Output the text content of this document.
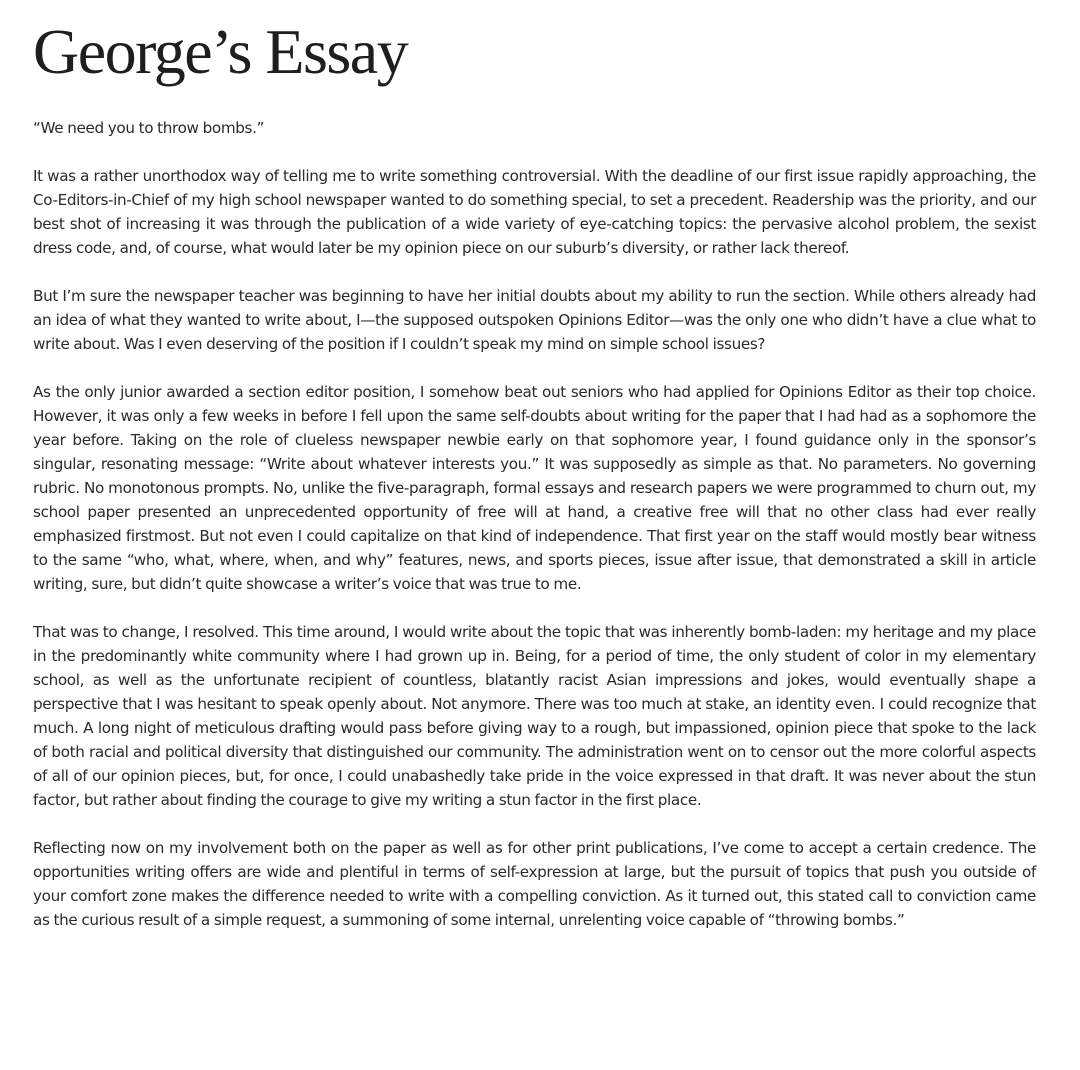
George’s Essay

“We need you to throw bombs.”

It was a rather unorthodox way of telling me to write something controversial. With the deadline of our first issue rapidly approaching, the Co-Editors-in-Chief of my high school newspaper wanted to do something special, to set a precedent. Readership was the priority, and our best shot of increasing it was through the publication of a wide variety of eye-catching topics: the pervasive alcohol problem, the sexist dress code, and, of course, what would later be my opinion piece on our suburb’s diversity, or rather lack thereof.

But I’m sure the newspaper teacher was beginning to have her initial doubts about my ability to run the section. While others already had an idea of what they wanted to write about, I—the supposed outspoken Opinions Editor—was the only one who didn’t have a clue what to write about. Was I even deserving of the position if I couldn’t speak my mind on simple school issues?

As the only junior awarded a section editor position, I somehow beat out seniors who had applied for Opinions Editor as their top choice. However, it was only a few weeks in before I fell upon the same self-doubts about writing for the paper that I had had as a sophomore the year before. Taking on the role of clueless newspaper newbie early on that sophomore year, I found guidance only in the sponsor’s singular, resonating message: “Write about whatever interests you.” It was supposedly as simple as that. No parameters. No governing rubric. No monotonous prompts. No, unlike the five-paragraph, formal essays and research papers we were programmed to churn out, my school paper presented an unprecedented opportunity of free will at hand, a creative free will that no other class had ever really emphasized firstmost. But not even I could capitalize on that kind of independence. That first year on the staff would mostly bear witness to the same “who, what, where, when, and why” features, news, and sports pieces, issue after issue, that demonstrated a skill in article writing, sure, but didn’t quite showcase a writer’s voice that was true to me.

That was to change, I resolved. This time around, I would write about the topic that was inherently bomb-laden: my heritage and my place in the predominantly white community where I had grown up in. Being, for a period of time, the only student of color in my elementary school, as well as the unfortunate recipient of countless, blatantly racist Asian impressions and jokes, would eventually shape a perspective that I was hesitant to speak openly about. Not anymore. There was too much at stake, an identity even. I could recognize that much. A long night of meticulous drafting would pass before giving way to a rough, but impassioned, opinion piece that spoke to the lack of both racial and political diversity that distinguished our community. The administration went on to censor out the more colorful aspects of all of our opinion pieces, but, for once, I could unabashedly take pride in the voice expressed in that draft. It was never about the stun factor, but rather about finding the courage to give my writing a stun factor in the first place.

Reflecting now on my involvement both on the paper as well as for other print publications, I’ve come to accept a certain credence. The opportunities writing offers are wide and plentiful in terms of self-expression at large, but the pursuit of topics that push you outside of your comfort zone makes the difference needed to write with a compelling conviction. As it turned out, this stated call to conviction came as the curious result of a simple request, a summoning of some internal, unrelenting voice capable of “throwing bombs.”
